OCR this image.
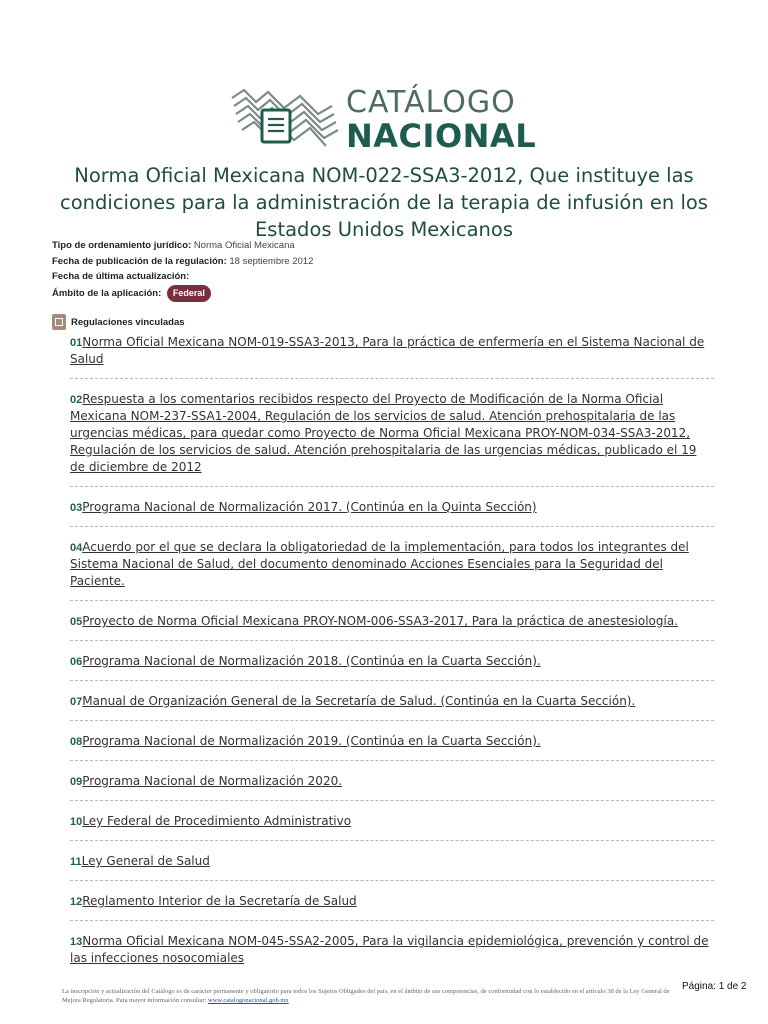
CATÁLOGO
NACIONAL
Norma Oficial Mexicana NOM-022-SSA3-2012, Que instituye las condiciones para la administración de la terapia de infusión en los Estados Unidos Mexicanos
Tipo de ordenamiento jurídico: Norma Oficial Mexicana
Fecha de publicación de la regulación: 18 septiembre 2012
Fecha de última actualización:
Ámbito de la aplicación: Federal
Regulaciones vinculadas
01 Norma Oficial Mexicana NOM-019-SSA3-2013, Para la práctica de enfermería en el Sistema Nacional de Salud
02 Respuesta a los comentarios recibidos respecto del Proyecto de Modificación de la Norma Oficial Mexicana NOM-237-SSA1-2004, Regulación de los servicios de salud. Atención prehospitalaria de las urgencias médicas, para quedar como Proyecto de Norma Oficial Mexicana PROY-NOM-034-SSA3-2012, Regulación de los servicios de salud. Atención prehospitalaria de las urgencias médicas, publicado el 19 de diciembre de 2012
03 Programa Nacional de Normalización 2017. (Continúa en la Quinta Sección)
04 Acuerdo por el que se declara la obligatoriedad de la implementación, para todos los integrantes del Sistema Nacional de Salud, del documento denominado Acciones Esenciales para la Seguridad del Paciente.
05 Proyecto de Norma Oficial Mexicana PROY-NOM-006-SSA3-2017, Para la práctica de anestesiología.
06 Programa Nacional de Normalización 2018. (Continúa en la Cuarta Sección).
07 Manual de Organización General de la Secretaría de Salud. (Continúa en la Cuarta Sección).
08 Programa Nacional de Normalización 2019. (Continúa en la Cuarta Sección).
09 Programa Nacional de Normalización 2020.
10 Ley Federal de Procedimiento Administrativo
11 Ley General de Salud
12 Reglamento Interior de la Secretaría de Salud
13 Norma Oficial Mexicana NOM-045-SSA2-2005, Para la vigilancia epidemiológica, prevención y control de las infecciones nosocomiales
La inscripción y actualización del Catálogo es de carácter permanente y obligatorio para todos los Sujetos Obligados del país, en el ámbito de sus competencias, de conformidad con lo establecido en el artículo 38 de la Ley General de Mejora Regulatoria. Para mayor información consultar: www.catalogonacional.gob.mx
Página: 1 de 2
